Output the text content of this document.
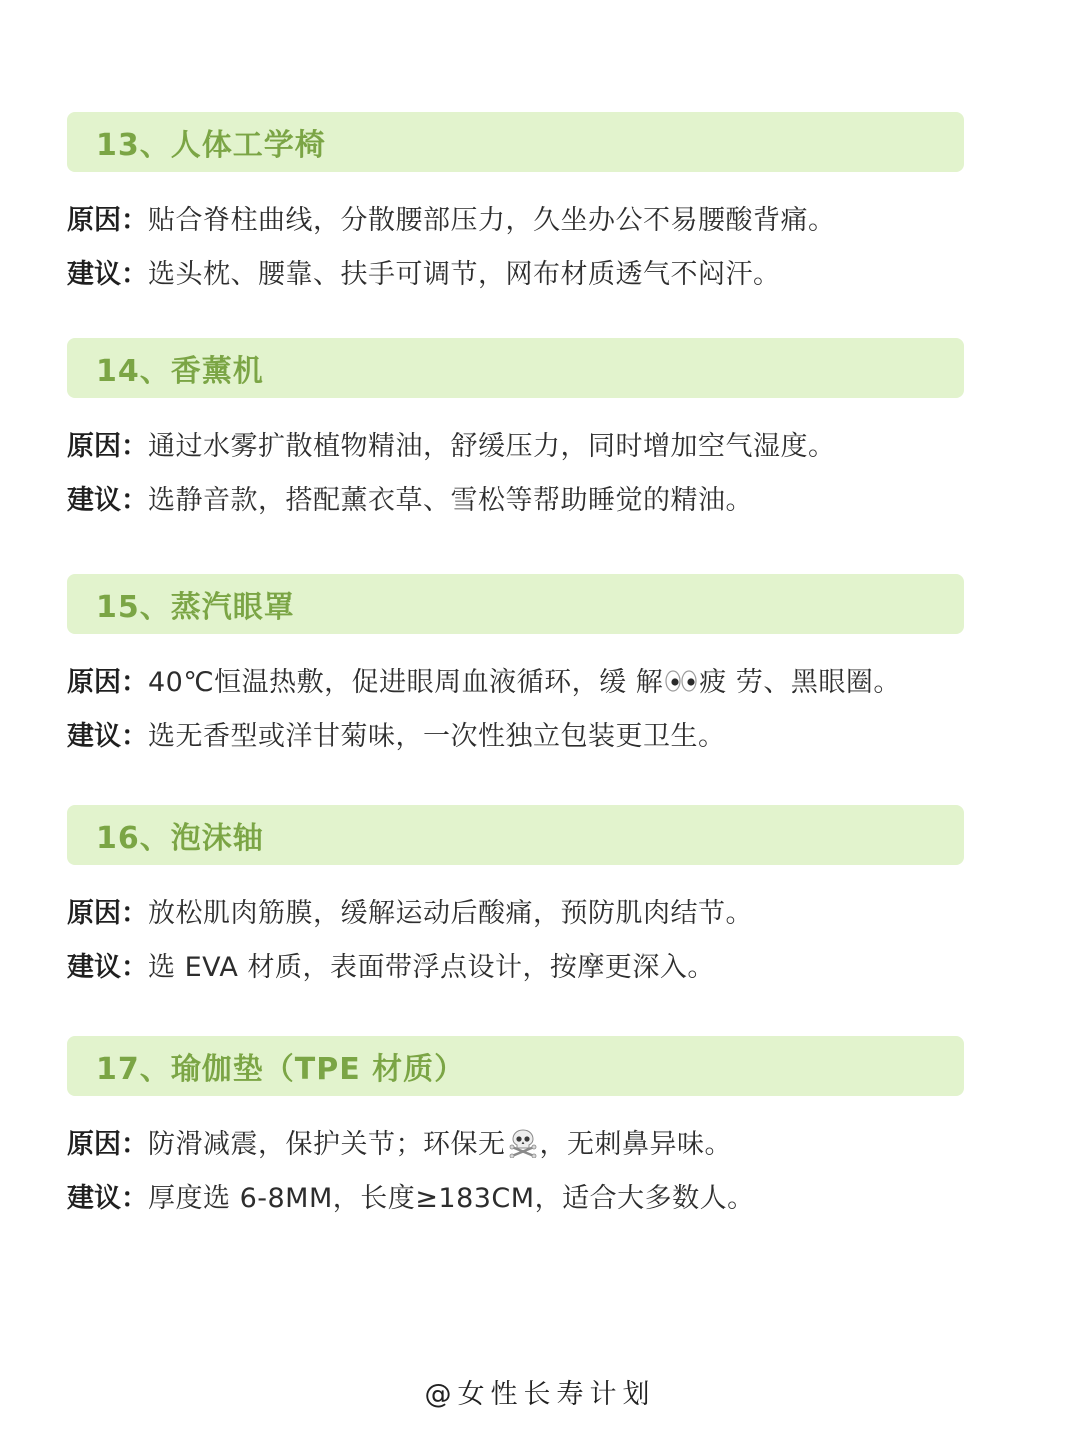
13、人体工学椅
原因：贴合脊柱曲线，分散腰部压力，久坐办公不易腰酸背痛。
建议：选头枕、腰靠、扶手可调节，网布材质透气不闷汗。
14、香薰机
原因：通过水雾扩散植物精油，舒缓压力，同时增加空气湿度。
建议：选静音款，搭配薰衣草、雪松等帮助睡觉的精油。
15、蒸汽眼罩
原因：40℃恒温热敷，促进眼周血液循环，缓 解 疲 劳、黑眼圈。
建议：选无香型或洋甘菊味，一次性独立包装更卫生。
16、泡沫轴
原因：放松肌肉筋膜，缓解运动后酸痛，预防肌肉结节。
建议：选 EVA 材质，表面带浮点设计，按摩更深入。
17、瑜伽垫（TPE 材质）
原因：防滑减震，保护关节；环保无 ，无刺鼻异味。
建议：厚度选 6-8MM，长度≥183CM，适合大多数人。
@女性长寿计划
